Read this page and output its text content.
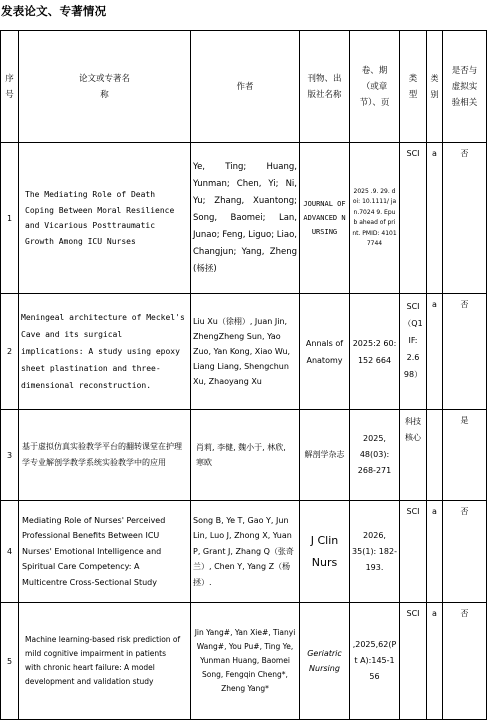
发表论文、专著情况
序号	论文或专著名称	作者	刊物、出版社名称	卷、期（或章节）、页	类型	类别	是否与虚拟实验相关
1	The Mediating Role of Death Coping Between Moral Resilience and Vicarious Posttraumatic Growth Among ICU Nurses	Ye, Ting; Huang, Yunman; Chen, Yi; Ni, Yu; Zhang, Xuantong; Song, Baomei; Lan, Junao; Feng, Liguo; Liao, Changjun; Yang, Zheng (杨拯)	JOURNAL OF ADVANCED NURSING	2025 .9. 29. doi: 10.1111/ jan.7024 9. Epub ahead of print. PMID: 41017744	SCI	a	否
2	Meningeal architecture of Meckel's Cave and its surgical implications: A study using epoxy sheet plastination and three-dimensional reconstruction.	Liu Xu（徐栩）, Juan Jin, ZhengZheng Sun, Yao Zuo, Yan Kong, Xiao Wu, Liang Liang, Shengchun Xu, Zhaoyang Xu	Annals of Anatomy	2025:2 60:152 664	SCI （Q1 IF: 2.6 98）	a	否
3	基于虚拟仿真实验教学平台的翻转课堂在护理学专业解剖学教学系统实验教学中的应用	肖莉, 李健, 魏小于, 林欣, 寒欧	解剖学杂志	2025, 48(03): 268-271	科技核心		是
4	Mediating Role of Nurses' Perceived Professional Benefits Between ICU Nurses' Emotional Intelligence and Spiritual Care Competency: A Multicentre Cross-Sectional Study	Song B, Ye T, Gao Y, Jun Lin, Luo J, Zhong X, Yuan P, Grant J, Zhang Q（张奇兰）, Chen Y, Yang Z（杨拯）.	J Clin Nurs	2026, 35(1): 182-193.	SCI	a	否
5	Machine learning-based risk prediction of mild cognitive impairment in patients with chronic heart failure: A model development and validation study	Jin Yang#, Yan Xie#, Tianyi Wang#, You Pu#, Ting Ye, Yunman Huang, Baomei Song, Fengqin Cheng*, Zheng Yang*	Geriatric Nursing	,2025,62(Pt A):145-156	SCI	a	否
